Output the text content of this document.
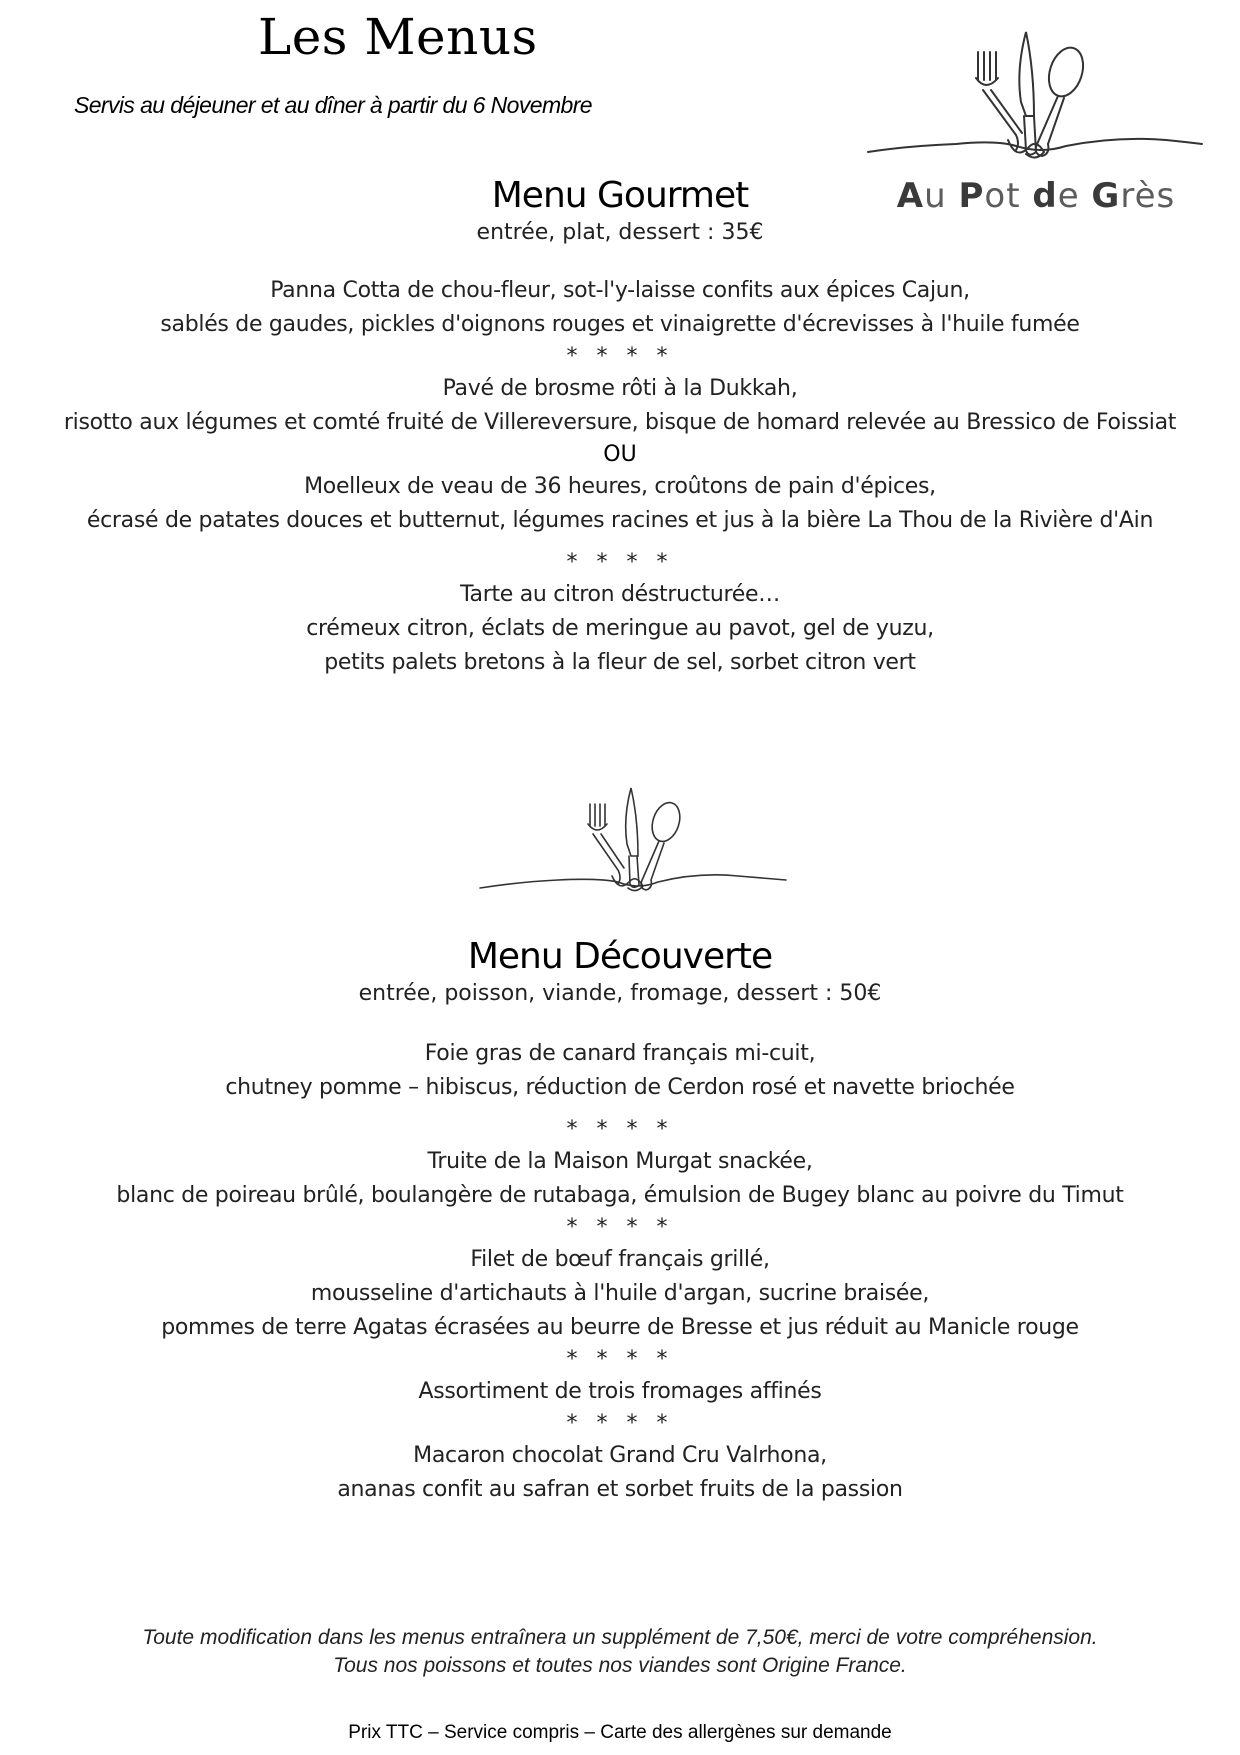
Les Menus
Servis au déjeuner et au dîner à partir du 6 Novembre
Au Pot de Grès
Menu Gourmet
entrée, plat, dessert : 35€
Panna Cotta de chou-fleur, sot-l'y-laisse confits aux épices Cajun,
sablés de gaudes, pickles d'oignons rouges et vinaigrette d'écrevisses à l'huile fumée
* * * *
Pavé de brosme rôti à la Dukkah,
risotto aux légumes et comté fruité de Villereversure, bisque de homard relevée au Bressico de Foissiat
OU
Moelleux de veau de 36 heures, croûtons de pain d'épices,
écrasé de patates douces et butternut, légumes racines et jus à la bière La Thou de la Rivière d'Ain
* * * *
Tarte au citron déstructurée…
crémeux citron, éclats de meringue au pavot, gel de yuzu,
petits palets bretons à la fleur de sel, sorbet citron vert
Menu Découverte
entrée, poisson, viande, fromage, dessert : 50€
Foie gras de canard français mi-cuit,
chutney pomme – hibiscus, réduction de Cerdon rosé et navette briochée
* * * *
Truite de la Maison Murgat snackée,
blanc de poireau brûlé, boulangère de rutabaga, émulsion de Bugey blanc au poivre du Timut
* * * *
Filet de bœuf français grillé,
mousseline d'artichauts à l'huile d'argan, sucrine braisée,
pommes de terre Agatas écrasées au beurre de Bresse et jus réduit au Manicle rouge
* * * *
Assortiment de trois fromages affinés
* * * *
Macaron chocolat Grand Cru Valrhona,
ananas confit au safran et sorbet fruits de la passion
Toute modification dans les menus entraînera un supplément de 7,50€, merci de votre compréhension.
Tous nos poissons et toutes nos viandes sont Origine France.
Prix TTC – Service compris – Carte des allergènes sur demande
